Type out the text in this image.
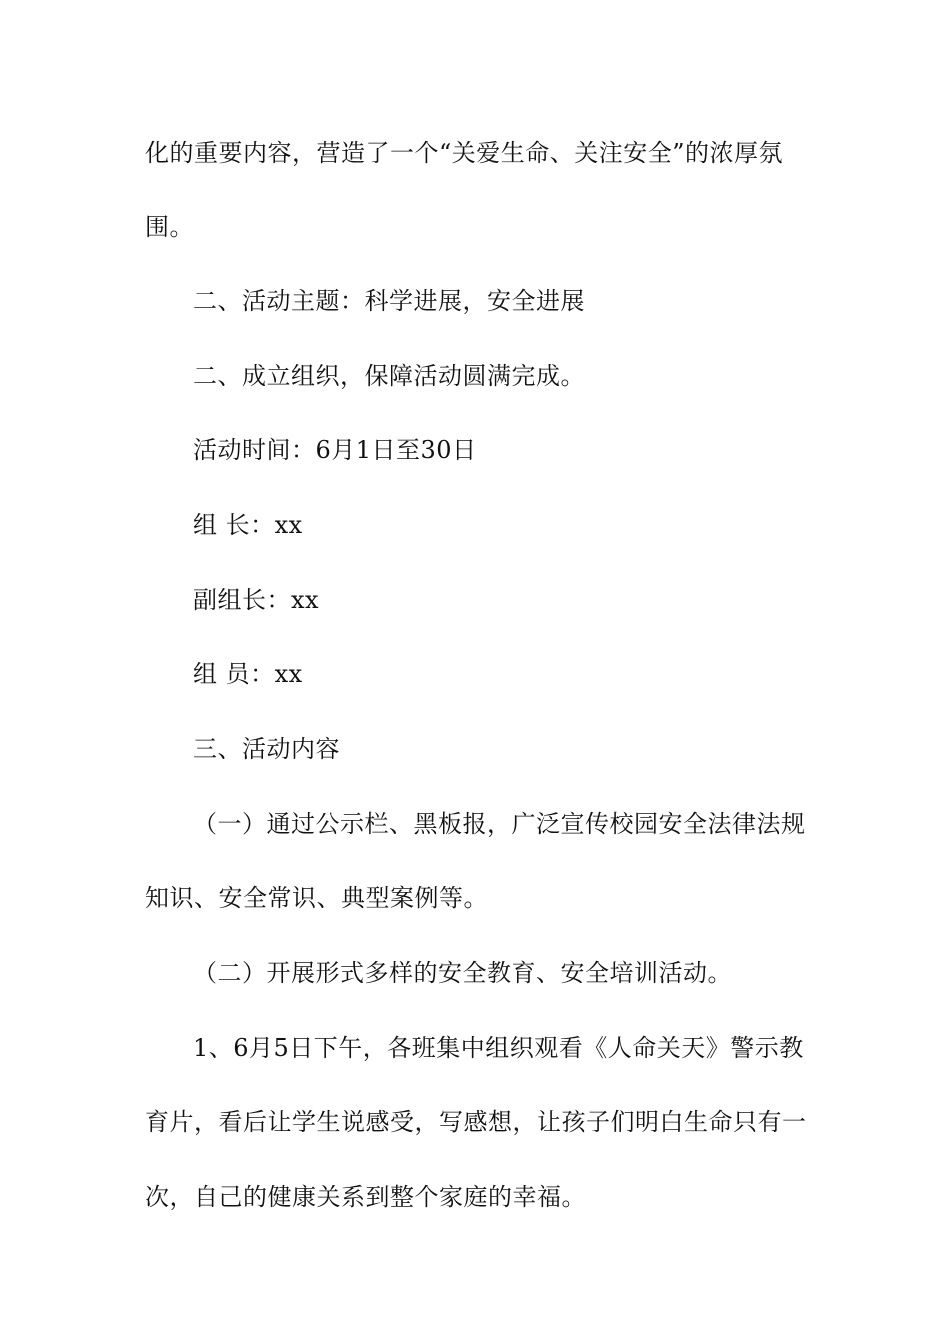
化的重要内容，营造了一个“关爱生命、关注安全”的浓厚氛
围。
二、活动主题：科学进展，安全进展
二、成立组织，保障活动圆满完成。
活动时间：6月1日至30日
组 长：xx
副组长：xx
组 员：xx
三、活动内容
（一）通过公示栏、黑板报，广泛宣传校园安全法律法规
知识、安全常识、典型案例等。
（二）开展形式多样的安全教育、安全培训活动。
1、6月5日下午，各班集中组织观看《人命关天》警示教
育片，看后让学生说感受，写感想，让孩子们明白生命只有一
次，自己的健康关系到整个家庭的幸福。
